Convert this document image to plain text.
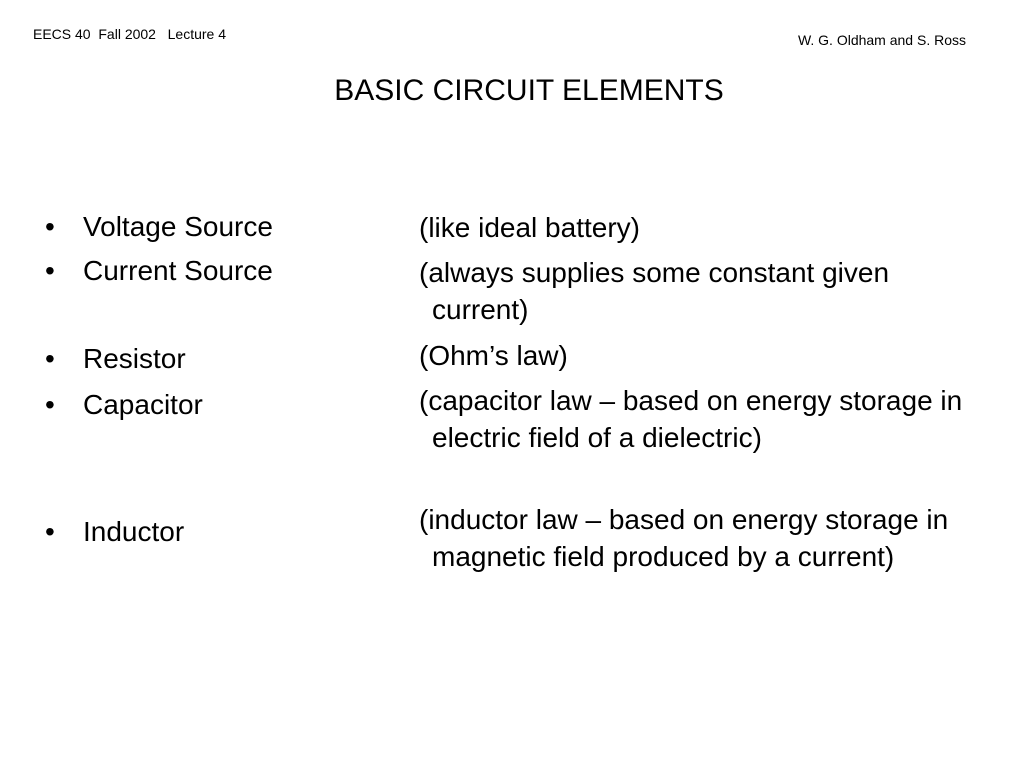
EECS 40  Fall 2002   Lecture 4	W. G. Oldham and S. Ross
BASIC CIRCUIT ELEMENTS
• Voltage Source
• Current Source
• Resistor
• Capacitor
• Inductor
(like ideal battery)
(always supplies some constant given current)
(Ohm’s law)
(capacitor law – based on energy storage in electric field of a dielectric)
(inductor law – based on energy storage in magnetic field produced by a current)
